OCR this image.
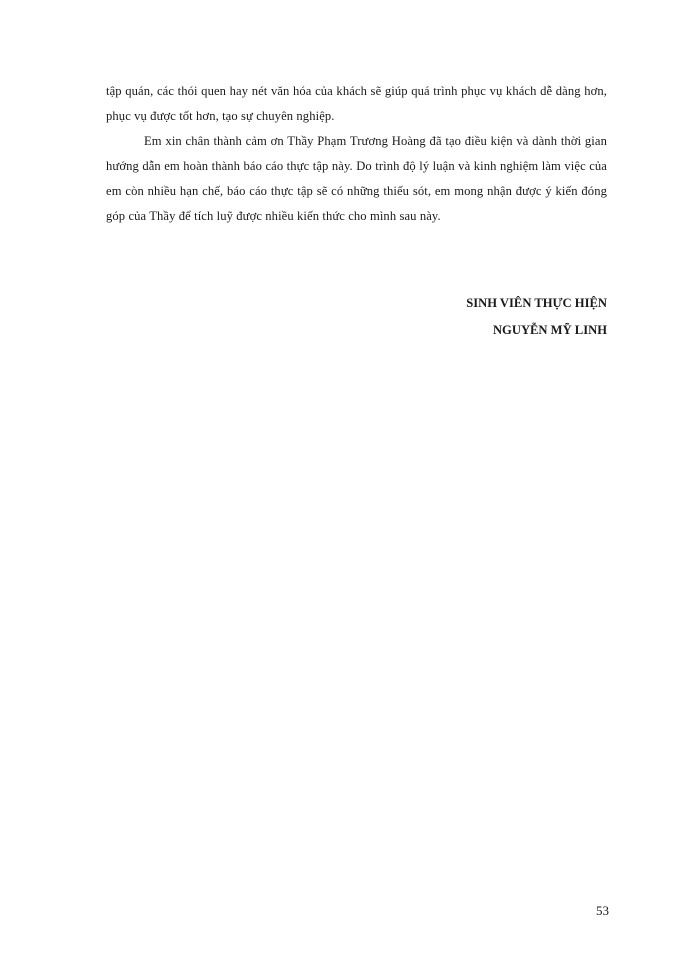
tập quán, các thói quen hay nét văn hóa của khách sẽ giúp quá trình phục vụ khách dễ dàng hơn, phục vụ được tốt hơn, tạo sự chuyên nghiệp.

Em xin chân thành cảm ơn Thầy Phạm Trương Hoàng đã tạo điều kiện và dành thời gian hướng dẫn em hoàn thành báo cáo thực tập này. Do trình độ lý luận và kinh nghiệm làm việc của em còn nhiều hạn chế, báo cáo thực tập sẽ có những thiếu sót, em mong nhận được ý kiến đóng góp của Thầy để tích luỹ được nhiều kiến thức cho mình sau này.

SINH VIÊN THỰC HIỆN
NGUYỄN MỸ LINH
53
